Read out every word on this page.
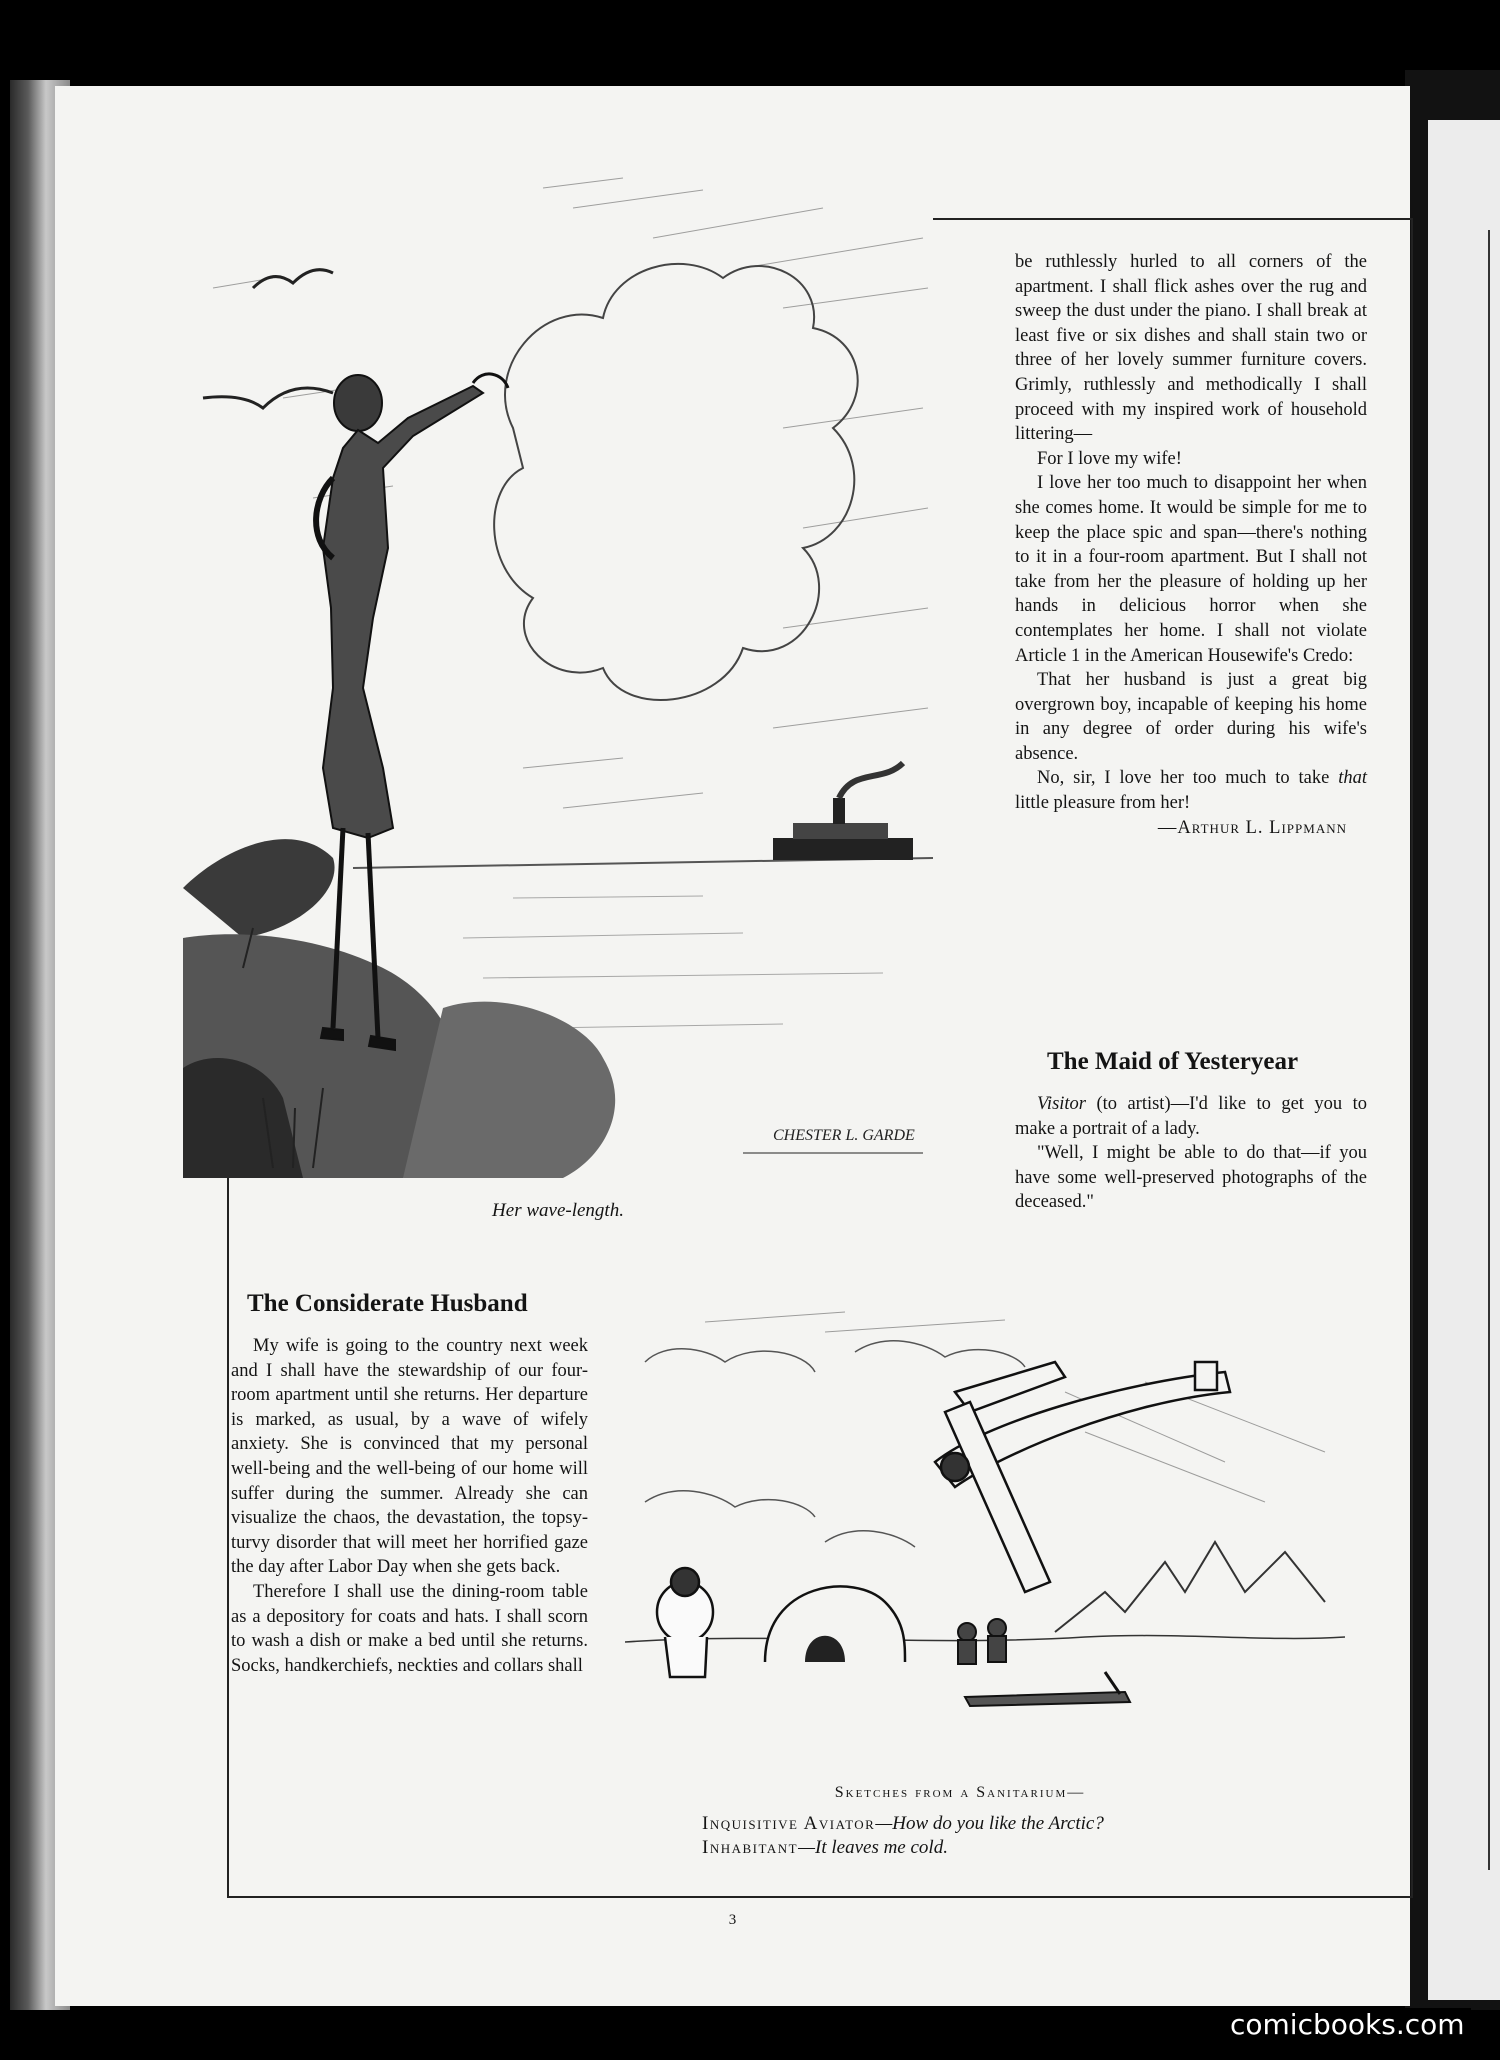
3
CHESTER L. GARDE
Her wave-length.

be ruthlessly hurled to all corners of the apartment. I shall flick ashes over the rug and sweep the dust under the piano. I shall break at least five or six dishes and shall stain two or three of her lovely summer furniture covers. Grimly, ruthlessly and methodically I shall proceed with my inspired work of household littering—

For I love my wife!

I love her too much to disappoint her when she comes home. It would be simple for me to keep the place spic and span—there's nothing to it in a four-room apartment. But I shall not take from her the pleasure of holding up her hands in delicious horror when she contemplates her home. I shall not violate Article 1 in the American Housewife's Credo:

That her husband is just a great big overgrown boy, incapable of keeping his home in any degree of order during his wife's absence.

No, sir, I love her too much to take that little pleasure from her!

—Arthur L. Lippmann
The Maid of Yesteryear

Visitor (to artist)—I'd like to get you to make a portrait of a lady.

"Well, I might be able to do that—if you have some well-preserved photographs of the deceased."

The Considerate Husband

My wife is going to the country next week and I shall have the stewardship of our four-room apartment until she returns. Her departure is marked, as usual, by a wave of wifely anxiety. She is convinced that my personal well-being and the well-being of our home will suffer during the summer. Already she can visualize the chaos, the devastation, the topsy-turvy disorder that will meet her horrified gaze the day after Labor Day when she gets back.

Therefore I shall use the dining-room table as a depository for coats and hats. I shall scorn to wash a dish or make a bed until she returns. Socks, handkerchiefs, neckties and collars shall

Sketches from a Sanitarium—
Inquisitive Aviator—How do you like the Arctic?
Inhabitant—It leaves me cold.
comicbooks.com
